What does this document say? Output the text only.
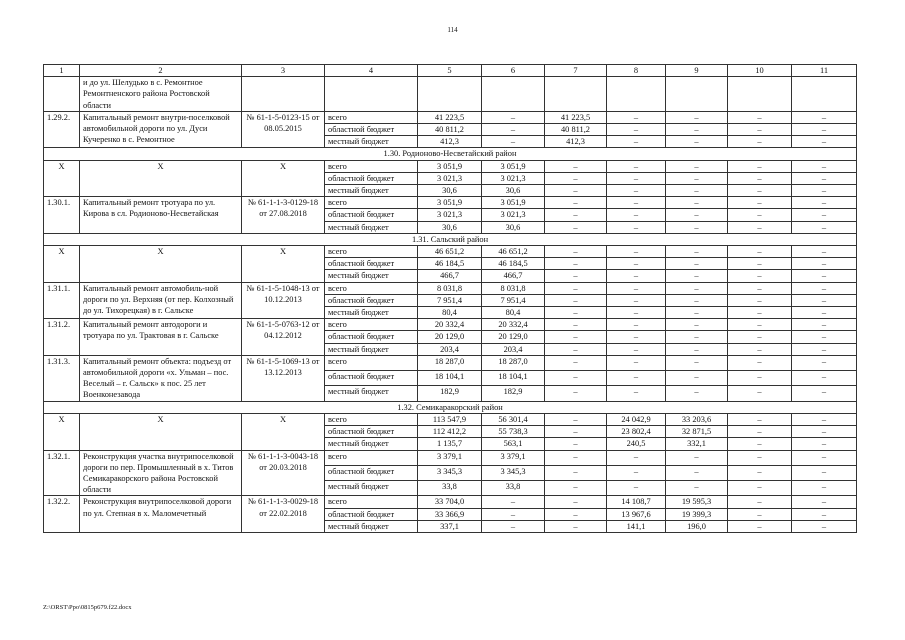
114
1	2	3	4	5	6	7	8	9	10	11
	и до ул. Шелудько в с. Ремонтное Ремонтненского района Ростовской области									
1.29.2.	Капитальный ремонт внутри-поселковой автомобильной дороги по ул. Дуси Кучеренко в с. Ремонтное	№ 61-1-5-0123-15 от 08.05.2015	всего	41 223,5	–	41 223,5	–	–	–	–
			областной бюджет	40 811,2	–	40 811,2	–	–	–	–
			местный бюджет	412,3	–	412,3	–	–	–	–
1.30. Родионово-Несветайский район										
Х	Х	Х	всего	3 051,9	3 051,9	–	–	–	–	–
			областной бюджет	3 021,3	3 021,3	–	–	–	–	–
			местный бюджет	30,6	30,6	–	–	–	–	–
1.30.1.	Капитальный ремонт тротуара по ул. Кирова в сл. Родионово-Несветайская	№ 61-1-1-3-0129-18 от 27.08.2018	всего	3 051,9	3 051,9	–	–	–	–	–
			областной бюджет	3 021,3	3 021,3	–	–	–	–	–
			местный бюджет	30,6	30,6	–	–	–	–	–
1.31. Сальский район										
Х	Х	Х	всего	46 651,2	46 651,2	–	–	–	–	–
			областной бюджет	46 184,5	46 184,5	–	–	–	–	–
			местный бюджет	466,7	466,7	–	–	–	–	–
1.31.1.	Капитальный ремонт автомобиль-ной дороги по ул. Верхняя (от пер. Колхозный до ул. Тихорецкая) в г. Сальске	№ 61-1-5-1048-13 от 10.12.2013	всего	8 031,8	8 031,8	–	–	–	–	–
			областной бюджет	7 951,4	7 951,4	–	–	–	–	–
			местный бюджет	80,4	80,4	–	–	–	–	–
1.31.2.	Капитальный ремонт автодороги и тротуара по ул. Трактовая в г. Сальске	№ 61-1-5-0763-12 от 04.12.2012	всего	20 332,4	20 332,4	–	–	–	–	–
			областной бюджет	20 129,0	20 129,0	–	–	–	–	–
			местный бюджет	203,4	203,4	–	–	–	–	–
1.31.3.	Капитальный ремонт объекта: подъезд от автомобильной дороги «х. Ульман – пос. Веселый – г. Сальск» к пос. 25 лет Военконезавода	№ 61-1-5-1069-13 от 13.12.2013	всего	18 287,0	18 287,0	–	–	–	–	–
			областной бюджет	18 104,1	18 104,1	–	–	–	–	–
			местный бюджет	182,9	182,9	–	–	–	–	–
1.32. Семикаракорский район										
Х	Х	Х	всего	113 547,9	56 301,4	–	24 042,9	33 203,6	–	–
			областной бюджет	112 412,2	55 738,3	–	23 802,4	32 871,5	–	–
			местный бюджет	1 135,7	563,1	–	240,5	332,1	–	–
1.32.1.	Реконструкция участка внутрипоселковой дороги по пер. Промышленный в х. Титов Семикаракорского района Ростовской области	№ 61-1-1-3-0043-18 от 20.03.2018	всего	3 379,1	3 379,1	–	–	–	–	–
			областной бюджет	3 345,3	3 345,3	–	–	–	–	–
			местный бюджет	33,8	33,8	–	–	–	–	–
1.32.2.	Реконструкция внутрипоселковой дороги по ул. Степная в х. Маломечетный	№ 61-1-1-3-0029-18 от 22.02.2018	всего	33 704,0	–	–	14 108,7	19 595,3	–	–
			областной бюджет	33 366,9	–	–	13 967,6	19 399,3	–	–
			местный бюджет	337,1	–	–	141,1	196,0	–	–
Z:\ORST\Ppo\0815p679.f22.docx
